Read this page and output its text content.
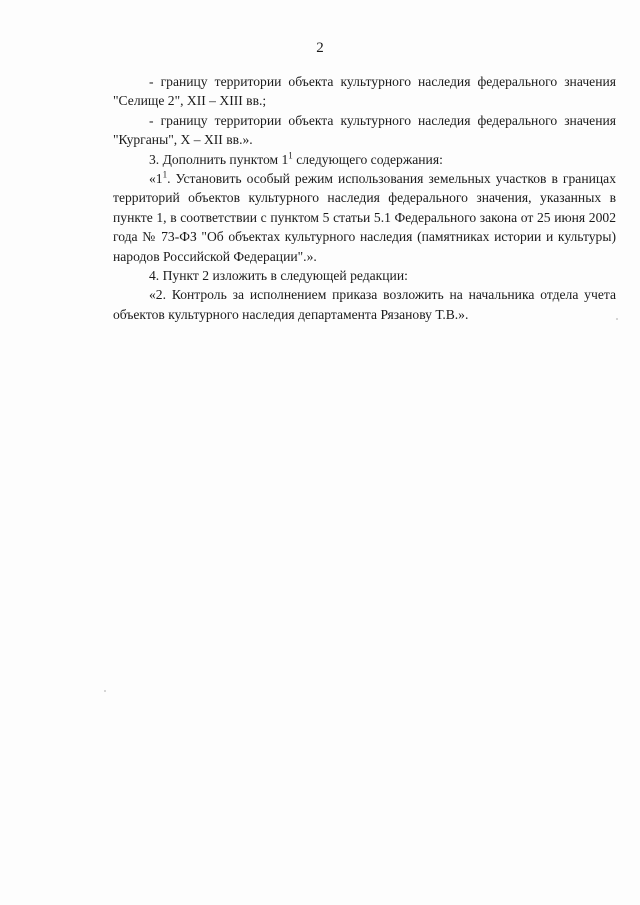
2

- границу территории объекта культурного наследия федерального значения "Селище 2", XII – XIII вв.;

- границу территории объекта культурного наследия федерального значения "Курганы", X – XII вв.».

3. Дополнить пунктом $1^1$ следующего содержания:

«$1^1$. Установить особый режим использования земельных участков в границах территорий объектов культурного наследия федерального значения, указанных в пункте 1, в соответствии с пунктом 5 статьи 5.1 Федерального закона от 25 июня 2002 года № 73-ФЗ "Об объектах культурного наследия (памятниках истории и культуры) народов Российской Федерации".».

4. Пункт 2 изложить в следующей редакции:

«2. Контроль за исполнением приказа возложить на начальника отдела учета объектов культурного наследия департамента Рязанову Т.В.».
